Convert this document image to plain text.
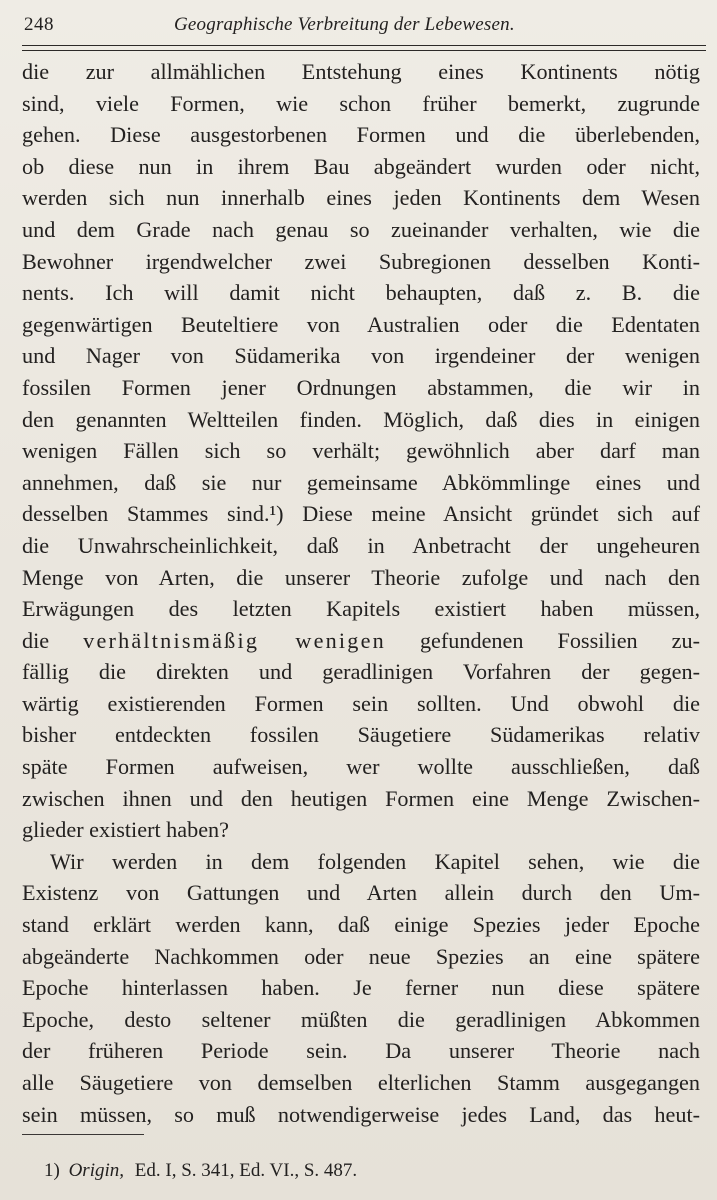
248	Geographische Verbreitung der Lebewesen.
die zur allmählichen Entstehung eines Kontinents nötig
sind, viele Formen, wie schon früher bemerkt, zugrunde
gehen. Diese ausgestorbenen Formen und die überlebenden,
ob diese nun in ihrem Bau abgeändert wurden oder nicht,
werden sich nun innerhalb eines jeden Kontinents dem Wesen
und dem Grade nach genau so zueinander verhalten, wie die
Bewohner irgendwelcher zwei Subregionen desselben Konti-
nents. Ich will damit nicht behaupten, daß z. B. die
gegenwärtigen Beuteltiere von Australien oder die Edentaten
und Nager von Südamerika von irgendeiner der wenigen
fossilen Formen jener Ordnungen abstammen, die wir in
den genannten Weltteilen finden. Möglich, daß dies in einigen
wenigen Fällen sich so verhält; gewöhnlich aber darf man
annehmen, daß sie nur gemeinsame Abkömmlinge eines und
desselben Stammes sind.¹) Diese meine Ansicht gründet sich auf
die Unwahrscheinlichkeit, daß in Anbetracht der ungeheuren
Menge von Arten, die unserer Theorie zufolge und nach den
Erwägungen des letzten Kapitels existiert haben müssen,
die verhältnismäßig wenigen gefundenen Fossilien zu-
fällig die direkten und geradlinigen Vorfahren der gegen-
wärtig existierenden Formen sein sollten. Und obwohl die
bisher entdeckten fossilen Säugetiere Südamerikas relativ
späte Formen aufweisen, wer wollte ausschließen, daß
zwischen ihnen und den heutigen Formen eine Menge Zwischen-
glieder existiert haben?
Wir werden in dem folgenden Kapitel sehen, wie die
Existenz von Gattungen und Arten allein durch den Um-
stand erklärt werden kann, daß einige Spezies jeder Epoche
abgeänderte Nachkommen oder neue Spezies an eine spätere
Epoche hinterlassen haben. Je ferner nun diese spätere
Epoche, desto seltener müßten die geradlinigen Abkommen
der früheren Periode sein. Da unserer Theorie nach
alle Säugetiere von demselben elterlichen Stamm ausgegangen
sein müssen, so muß notwendigerweise jedes Land, das heut-
1) Origin, Ed. I, S. 341, Ed. VI., S. 487.
